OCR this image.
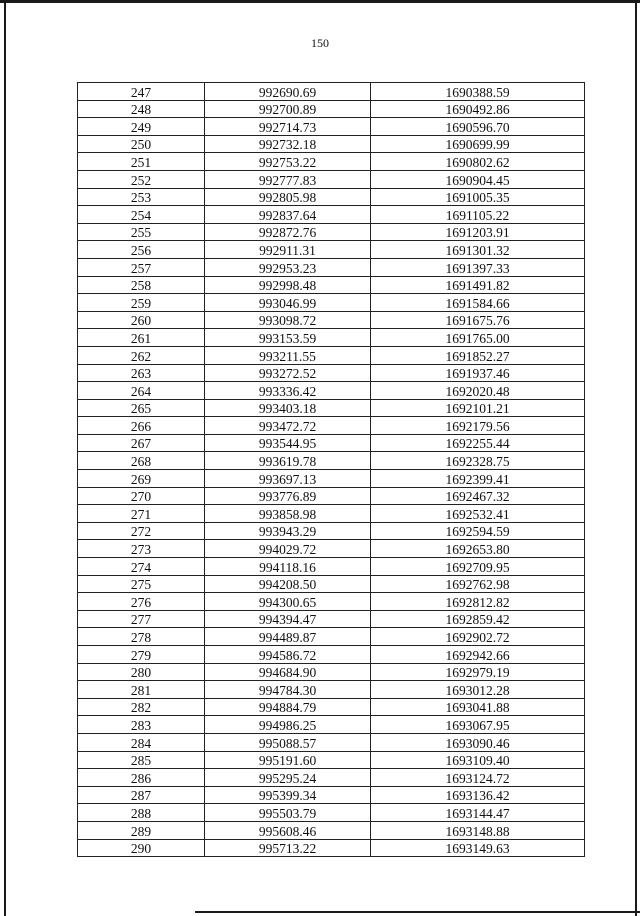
150
247	992690.69	1690388.59
248	992700.89	1690492.86
249	992714.73	1690596.70
250	992732.18	1690699.99
251	992753.22	1690802.62
252	992777.83	1690904.45
253	992805.98	1691005.35
254	992837.64	1691105.22
255	992872.76	1691203.91
256	992911.31	1691301.32
257	992953.23	1691397.33
258	992998.48	1691491.82
259	993046.99	1691584.66
260	993098.72	1691675.76
261	993153.59	1691765.00
262	993211.55	1691852.27
263	993272.52	1691937.46
264	993336.42	1692020.48
265	993403.18	1692101.21
266	993472.72	1692179.56
267	993544.95	1692255.44
268	993619.78	1692328.75
269	993697.13	1692399.41
270	993776.89	1692467.32
271	993858.98	1692532.41
272	993943.29	1692594.59
273	994029.72	1692653.80
274	994118.16	1692709.95
275	994208.50	1692762.98
276	994300.65	1692812.82
277	994394.47	1692859.42
278	994489.87	1692902.72
279	994586.72	1692942.66
280	994684.90	1692979.19
281	994784.30	1693012.28
282	994884.79	1693041.88
283	994986.25	1693067.95
284	995088.57	1693090.46
285	995191.60	1693109.40
286	995295.24	1693124.72
287	995399.34	1693136.42
288	995503.79	1693144.47
289	995608.46	1693148.88
290	995713.22	1693149.63
